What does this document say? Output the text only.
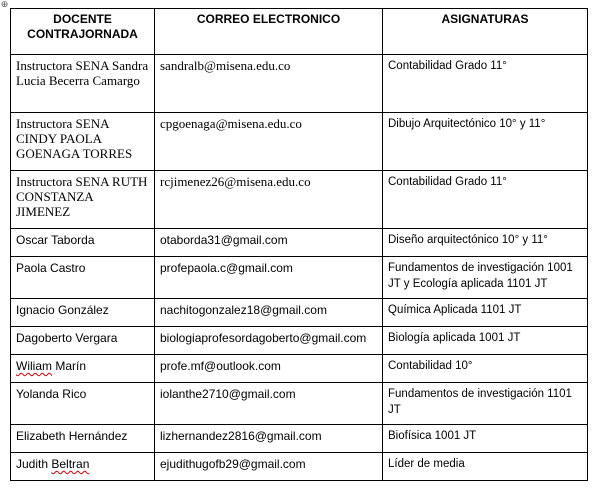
⊕
DOCENTE CONTRAJORNADA	CORREO ELECTRONICO	ASIGNATURAS
Instructora SENA Sandra Lucia Becerra Camargo	sandralb@misena.edu.co	Contabilidad Grado 11°
Instructora SENA CINDY PAOLA GOENAGA TORRES	cpgoenaga@misena.edu.co	Dibujo Arquitectónico 10° y 11°
Instructora SENA RUTH CONSTANZA JIMENEZ	rcjimenez26@misena.edu.co	Contabilidad Grado 11°
Oscar Taborda	otaborda31@gmail.com	Diseño arquitectónico 10° y 11°
Paola Castro	profepaola.c@gmail.com	Fundamentos de investigación 1001 JT y Ecología aplicada 1101 JT
Ignacio González	nachitogonzalez18@gmail.com	Química Aplicada 1101 JT
Dagoberto Vergara	biologiaprofesordagoberto@gmail.com	Biología aplicada 1001 JT
Wiliam Marín	profe.mf@outlook.com	Contabilidad 10°
Yolanda Rico	iolanthe2710@gmail.com	Fundamentos de investigación 1101 JT
Elizabeth Hernández	lizhernandez2816@gmail.com	Biofísica 1001 JT
Judith Beltran	ejudithugofb29@gmail.com	Líder de media
